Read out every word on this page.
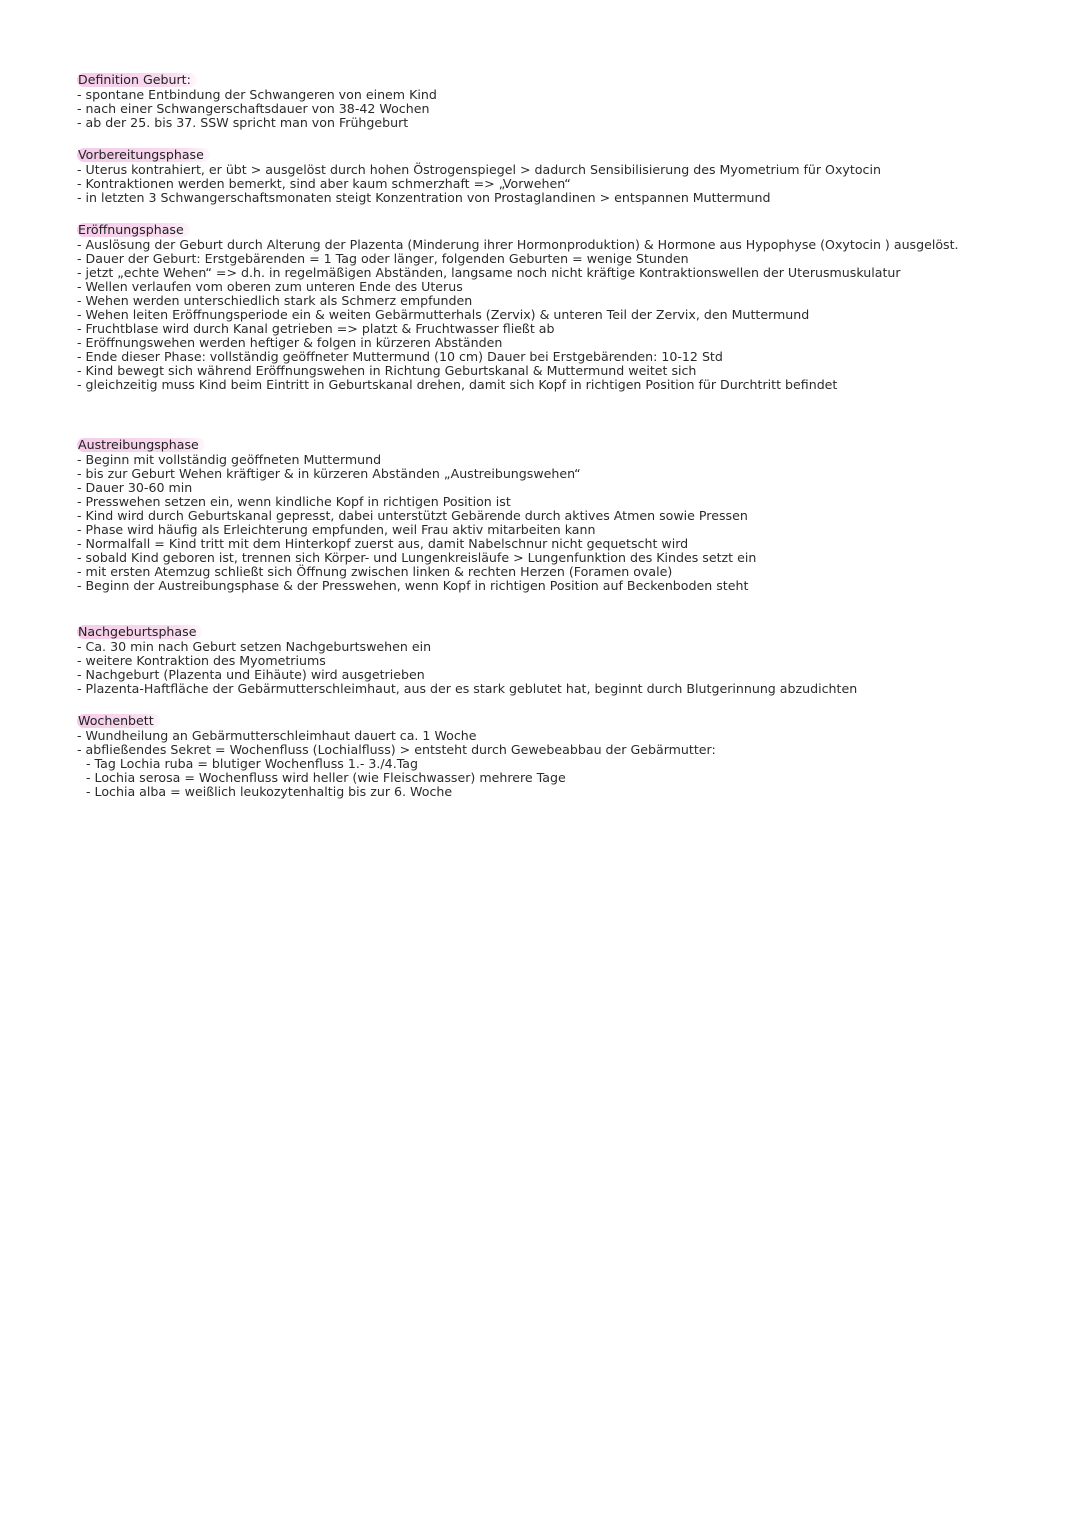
Definition Geburt:
- spontane Entbindung der Schwangeren von einem Kind
- nach einer Schwangerschaftsdauer von 38-42 Wochen
- ab der 25. bis 37. SSW spricht man von Frühgeburt
Vorbereitungsphase
- Uterus kontrahiert, er übt > ausgelöst durch hohen Östrogenspiegel > dadurch Sensibilisierung des Myometrium für Oxytocin
- Kontraktionen werden bemerkt, sind aber kaum schmerzhaft => „Vorwehen“
- in letzten 3 Schwangerschaftsmonaten steigt Konzentration von Prostaglandinen > entspannen Muttermund
Eröffnungsphase
- Auslösung der Geburt durch Alterung der Plazenta (Minderung ihrer Hormonproduktion) & Hormone aus Hypophyse (Oxytocin ) ausgelöst.
- Dauer der Geburt: Erstgebärenden = 1 Tag oder länger, folgenden Geburten = wenige Stunden
- jetzt „echte Wehen“ => d.h. in regelmäßigen Abständen, langsame noch nicht kräftige Kontraktionswellen der Uterusmuskulatur
- Wellen verlaufen vom oberen zum unteren Ende des Uterus
- Wehen werden unterschiedlich stark als Schmerz empfunden
- Wehen leiten Eröffnungsperiode ein & weiten Gebärmutterhals (Zervix) & unteren Teil der Zervix, den Muttermund
- Fruchtblase wird durch Kanal getrieben => platzt & Fruchtwasser fließt ab
- Eröffnungswehen werden heftiger & folgen in kürzeren Abständen
- Ende dieser Phase: vollständig geöffneter Muttermund (10 cm) Dauer bei Erstgebärenden: 10-12 Std
- Kind bewegt sich während Eröffnungswehen in Richtung Geburtskanal & Muttermund weitet sich
- gleichzeitig muss Kind beim Eintritt in Geburtskanal drehen, damit sich Kopf in richtigen Position für Durchtritt befindet
Austreibungsphase
- Beginn mit vollständig geöffneten Muttermund
- bis zur Geburt Wehen kräftiger & in kürzeren Abständen „Austreibungswehen“
- Dauer 30-60 min
- Presswehen setzen ein, wenn kindliche Kopf in richtigen Position ist
- Kind wird durch Geburtskanal gepresst, dabei unterstützt Gebärende durch aktives Atmen sowie Pressen
- Phase wird häufig als Erleichterung empfunden, weil Frau aktiv mitarbeiten kann
- Normalfall = Kind tritt mit dem Hinterkopf zuerst aus, damit Nabelschnur nicht gequetscht wird
- sobald Kind geboren ist, trennen sich Körper- und Lungenkreisläufe > Lungenfunktion des Kindes setzt ein
- mit ersten Atemzug schließt sich Öffnung zwischen linken & rechten Herzen (Foramen ovale)
- Beginn der Austreibungsphase & der Presswehen, wenn Kopf in richtigen Position auf Beckenboden steht
Nachgeburtsphase
- Ca. 30 min nach Geburt setzen Nachgeburtswehen ein
- weitere Kontraktion des Myometriums
- Nachgeburt (Plazenta und Eihäute) wird ausgetrieben
- Plazenta-Haftfläche der Gebärmutterschleimhaut, aus der es stark geblutet hat, beginnt durch Blutgerinnung abzudichten
Wochenbett
- Wundheilung an Gebärmutterschleimhaut dauert ca. 1 Woche
- abfließendes Sekret = Wochenfluss (Lochialfluss) > entsteht durch Gewebeabbau der Gebärmutter:
- Tag Lochia ruba = blutiger Wochenfluss 1.- 3./4.Tag
- Lochia serosa = Wochenfluss wird heller (wie Fleischwasser) mehrere Tage
- Lochia alba = weißlich leukozytenhaltig bis zur 6. Woche
